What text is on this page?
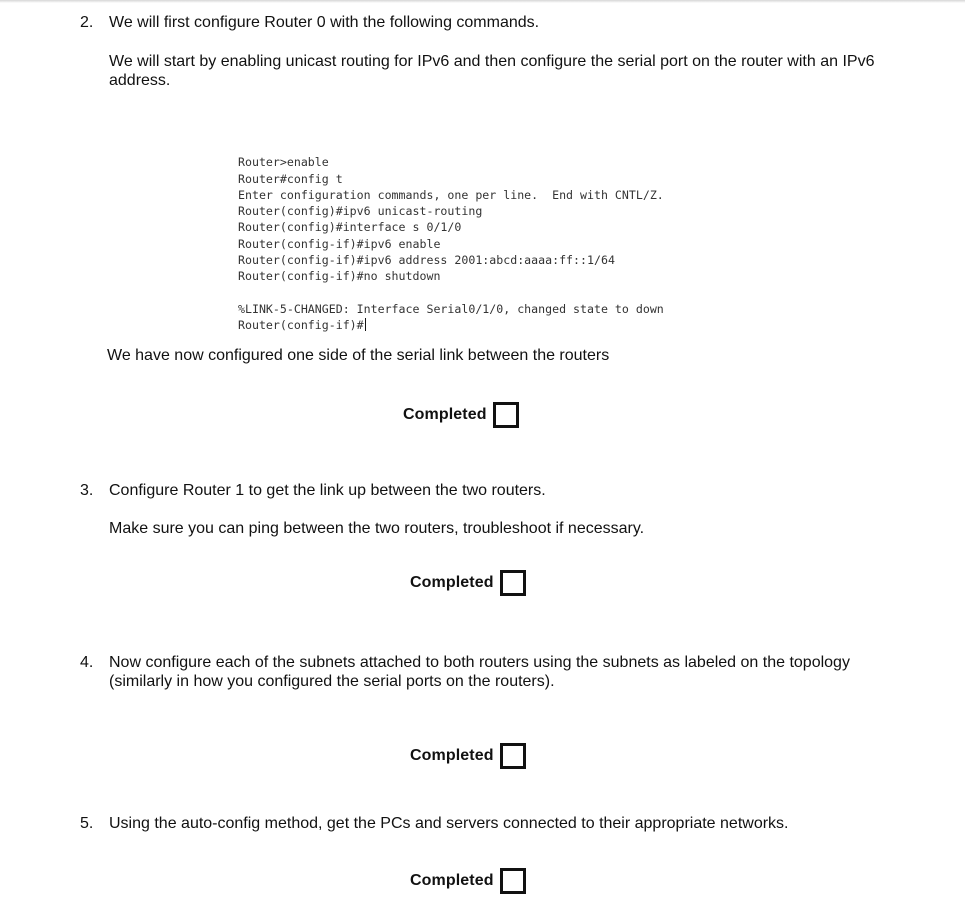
2. We will first configure Router 0 with the following commands.
We will start by enabling unicast routing for IPv6 and then configure the serial port on the router with an IPv6 address.

Router>enable
Router#config t
Enter configuration commands, one per line.  End with CNTL/Z.
Router(config)#ipv6 unicast-routing
Router(config)#interface s 0/1/0
Router(config-if)#ipv6 enable
Router(config-if)#ipv6 address 2001:abcd:aaaa:ff::1/64
Router(config-if)#no shutdown
%LINK-5-CHANGED: Interface Serial0/1/0, changed state to down
Router(config-if)#

We have now configured one side of the serial link between the routers
Completed
3. Configure Router 1 to get the link up between the two routers.
Make sure you can ping between the two routers, troubleshoot if necessary.
Completed
4. Now configure each of the subnets attached to both routers using the subnets as labeled on the topology (similarly in how you configured the serial ports on the routers).
Completed
5. Using the auto-config method, get the PCs and servers connected to their appropriate networks.
Completed
